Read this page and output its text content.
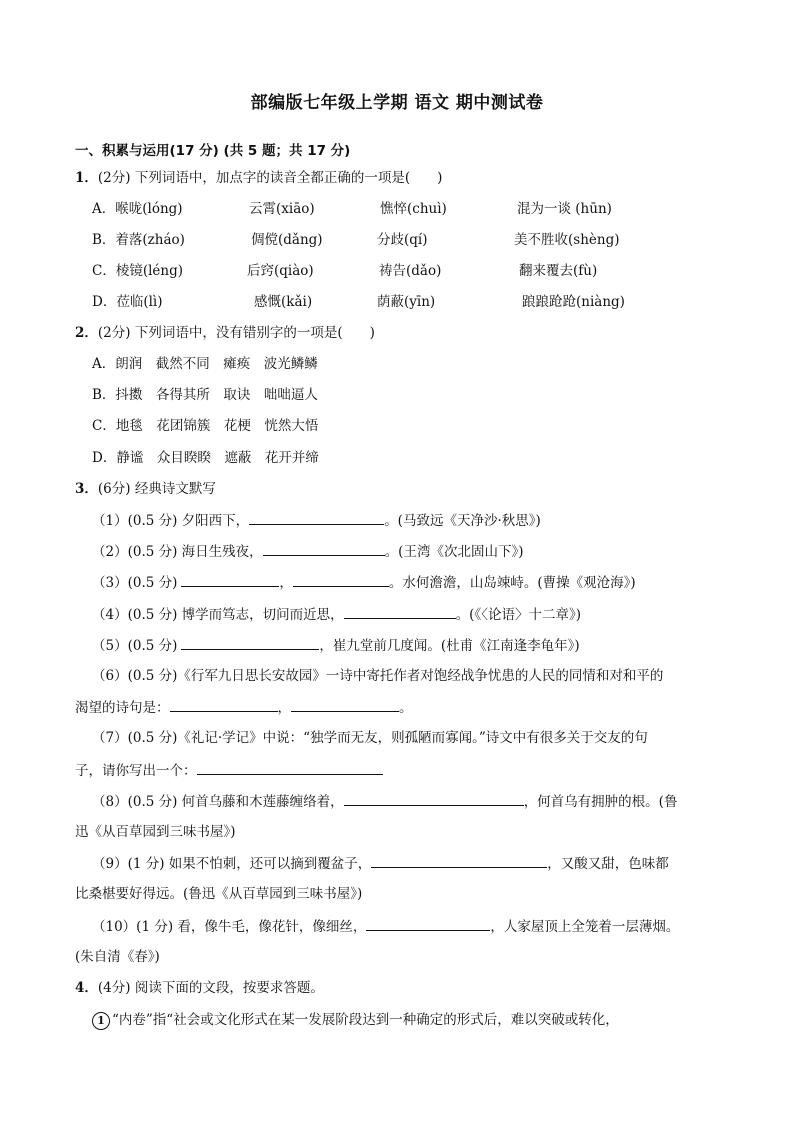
部编版七年级上学期 语文 期中测试卷
一、积累与运用(17 分) (共 5 题；共 17 分)
1．(2分) 下列词语中，加点字的读音全都正确的一项是(　　)
A．喉咙(lóng)	云霄(xiāo)	憔悴(chuì)	混为一谈 (hūn)
B．着落(zháo)	倜傥(dǎng)	分歧(qí)	美不胜收(shèng)
C．棱镜(léng)	后窍(qiào)	祷告(dǎo)	翻来覆去(fù)
D．莅临(lì)	感慨(kǎi)	荫蔽(yīn)	踉踉跄跄(niàng)
2．(2分) 下列词语中，没有错别字的一项是(　　)
A．朗润　截然不同　瘫痪　波光鳞鳞
B．抖擞　各得其所　取诀　咄咄逼人
C．地毯　花团锦簇　花梗　恍然大悟
D．静谧　众目睽睽　遮蔽　花开并缔
3．(6分) 经典诗文默写
（1）(0.5 分) 夕阳西下，	。(马致远《天净沙·秋思》)
（2）(0.5 分) 海日生残夜，	。(王湾《次北固山下》)
（3）(0.5 分)	，	。水何澹澹，山岛竦峙。(曹操《观沧海》)
（4）(0.5 分) 博学而笃志，切问而近思，	。(《〈论语〉十二章》)
（5）(0.5 分)	，崔九堂前几度闻。(杜甫《江南逢李龟年》)
（6）(0.5 分)《行军九日思长安故园》一诗中寄托作者对饱经战争忧患的人民的同情和对和平的
渴望的诗句是：	，	。
（7）(0.5 分)《礼记·学记》中说：“独学而无友，则孤陋而寡闻。”诗文中有很多关于交友的句
子，请你写出一个：
（8）(0.5 分) 何首乌藤和木莲藤缠络着，	，何首乌有拥肿的根。(鲁
迅《从百草园到三味书屋》)
（9）(1 分) 如果不怕刺，还可以摘到覆盆子，	，又酸又甜，色味都
比桑椹要好得远。(鲁迅《从百草园到三味书屋》)
（10）(1 分) 看，像牛毛，像花针，像细丝，	，人家屋顶上全笼着一层薄烟。
(朱自清《春》)
4．(4分) 阅读下面的文段，按要求答题。
1 “内卷”指“社会或文化形式在某一发展阶段达到一种确定的形式后，难以突破或转化，
